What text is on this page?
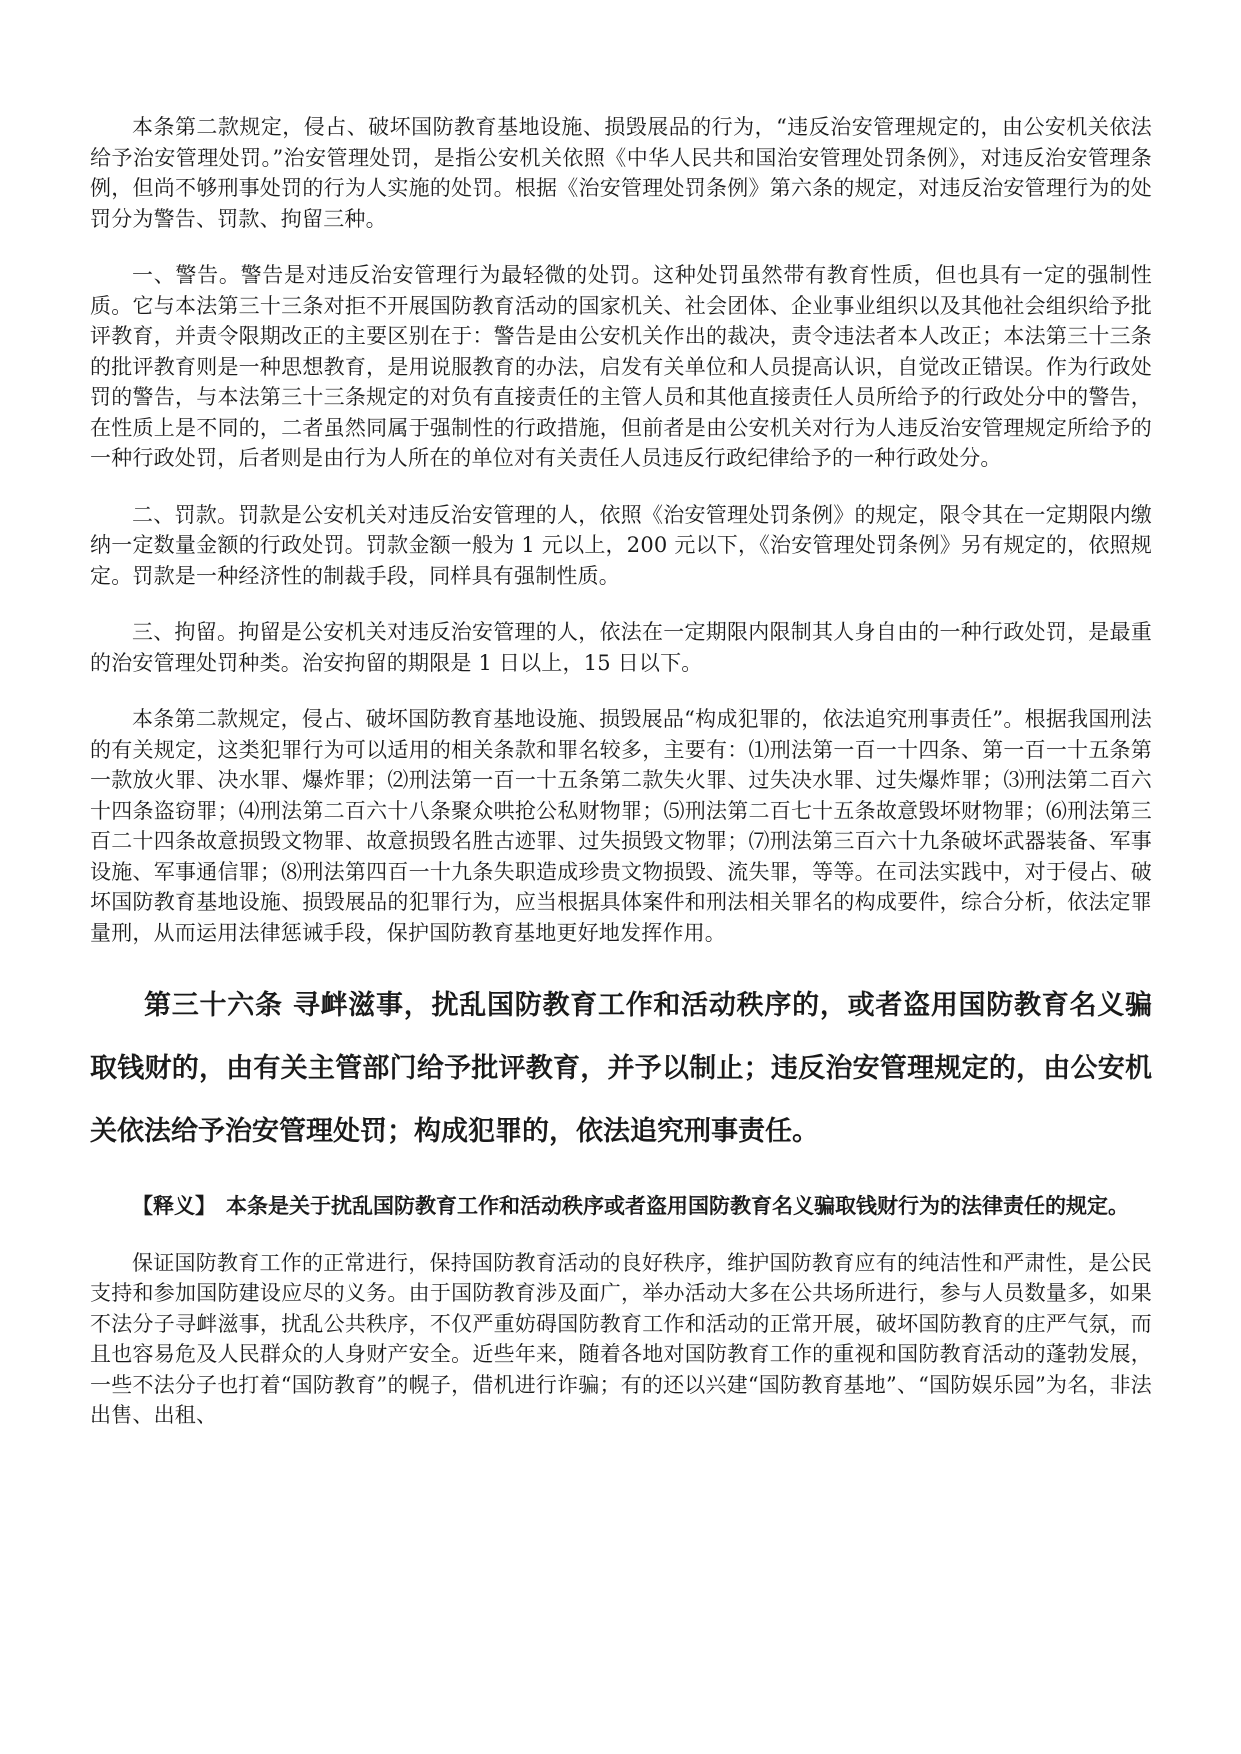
本条第二款规定，侵占、破坏国防教育基地设施、损毁展品的行为，“违反治安管理规定的，由公安机关依法给予治安管理处罚。”治安管理处罚，是指公安机关依照《中华人民共和国治安管理处罚条例》，对违反治安管理条例，但尚不够刑事处罚的行为人实施的处罚。根据《治安管理处罚条例》第六条的规定，对违反治安管理行为的处罚分为警告、罚款、拘留三种。

一、警告。警告是对违反治安管理行为最轻微的处罚。这种处罚虽然带有教育性质，但也具有一定的强制性质。它与本法第三十三条对拒不开展国防教育活动的国家机关、社会团体、企业事业组织以及其他社会组织给予批评教育，并责令限期改正的主要区别在于：警告是由公安机关作出的裁决，责令违法者本人改正；本法第三十三条的批评教育则是一种思想教育，是用说服教育的办法，启发有关单位和人员提高认识，自觉改正错误。作为行政处罚的警告，与本法第三十三条规定的对负有直接责任的主管人员和其他直接责任人员所给予的行政处分中的警告，在性质上是不同的，二者虽然同属于强制性的行政措施，但前者是由公安机关对行为人违反治安管理规定所给予的一种行政处罚，后者则是由行为人所在的单位对有关责任人员违反行政纪律给予的一种行政处分。

二、罚款。罚款是公安机关对违反治安管理的人，依照《治安管理处罚条例》的规定，限令其在一定期限内缴纳一定数量金额的行政处罚。罚款金额一般为 1 元以上，200 元以下，《治安管理处罚条例》另有规定的，依照规定。罚款是一种经济性的制裁手段，同样具有强制性质。

三、拘留。拘留是公安机关对违反治安管理的人，依法在一定期限内限制其人身自由的一种行政处罚，是最重的治安管理处罚种类。治安拘留的期限是 1 日以上，15 日以下。

本条第二款规定，侵占、破坏国防教育基地设施、损毁展品“构成犯罪的，依法追究刑事责任”。根据我国刑法的有关规定，这类犯罪行为可以适用的相关条款和罪名较多，主要有：⑴刑法第一百一十四条、第一百一十五条第一款放火罪、决水罪、爆炸罪；⑵刑法第一百一十五条第二款失火罪、过失决水罪、过失爆炸罪；⑶刑法第二百六十四条盗窃罪；⑷刑法第二百六十八条聚众哄抢公私财物罪；⑸刑法第二百七十五条故意毁坏财物罪；⑹刑法第三百二十四条故意损毁文物罪、故意损毁名胜古迹罪、过失损毁文物罪；⑺刑法第三百六十九条破坏武器装备、军事设施、军事通信罪；⑻刑法第四百一十九条失职造成珍贵文物损毁、流失罪，等等。在司法实践中，对于侵占、破坏国防教育基地设施、损毁展品的犯罪行为，应当根据具体案件和刑法相关罪名的构成要件，综合分析，依法定罪量刑，从而运用法律惩诫手段，保护国防教育基地更好地发挥作用。

第三十六条 寻衅滋事，扰乱国防教育工作和活动秩序的，或者盗用国防教育名义骗取钱财的，由有关主管部门给予批评教育，并予以制止；违反治安管理规定的，由公安机关依法给予治安管理处罚；构成犯罪的，依法追究刑事责任。

【释义】 本条是关于扰乱国防教育工作和活动秩序或者盗用国防教育名义骗取钱财行为的法律责任的规定。

保证国防教育工作的正常进行，保持国防教育活动的良好秩序，维护国防教育应有的纯洁性和严肃性，是公民支持和参加国防建设应尽的义务。由于国防教育涉及面广，举办活动大多在公共场所进行，参与人员数量多，如果不法分子寻衅滋事，扰乱公共秩序，不仅严重妨碍国防教育工作和活动的正常开展，破坏国防教育的庄严气氛，而且也容易危及人民群众的人身财产安全。近些年来，随着各地对国防教育工作的重视和国防教育活动的蓬勃发展，一些不法分子也打着“国防教育”的幌子，借机进行诈骗；有的还以兴建“国防教育基地”、“国防娱乐园”为名，非法出售、出租、
